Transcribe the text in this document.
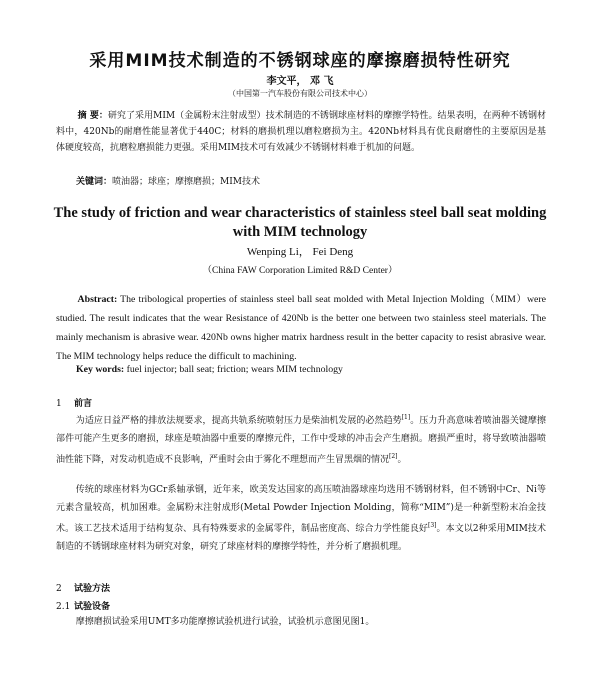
采用MIM技术制造的不锈钢球座的摩擦磨损特性研究
李文平， 邓 飞
（中国第一汽车股份有限公司技术中心）
摘 要：研究了采用MIM（金属粉末注射成型）技术制造的不锈钢球座材料的摩擦学特性。结果表明，在两种不锈钢材料中，420Nb的耐磨性能显著优于440C；材料的磨损机理以磨粒磨损为主。420Nb材料具有优良耐磨性的主要原因是基体硬度较高，抗磨粒磨损能力更强。采用MIM技术可有效减少不锈钢材料难于机加的问题。
关键词：喷油器；球座；摩擦磨损；MIM技术
The study of friction and wear characteristics of stainless steel ball seat molding with MIM technology
Wenping Li， Fei Deng
（China FAW Corporation Limited R&D Center）
Abstract: The tribological properties of stainless steel ball seat molded with Metal Injection Molding（MIM）were studied. The result indicates that the wear Resistance of 420Nb is the better one between two stainless steel materials. The mainly mechanism is abrasive wear. 420Nb owns higher matrix hardness result in the better capacity to resist abrasive wear. The MIM technology helps reduce the difficult to machining.
Key words: fuel injector; ball seat; friction; wears MIM technology
1 前言
为适应日益严格的排放法规要求，提高共轨系统喷射压力是柴油机发展的必然趋势[1]。压力升高意味着喷油器关键摩擦部件可能产生更多的磨损，球座是喷油器中重要的摩擦元件，工作中受球的冲击会产生磨损。磨损严重时，将导致喷油器喷油性能下降，对发动机造成不良影响，严重时会由于雾化不理想而产生冒黑烟的情况[2]。
传统的球座材料为GCr系轴承钢，近年来，欧美发达国家的高压喷油器球座均选用不锈钢材料，但不锈钢中Cr、Ni等元素含量较高，机加困难。金属粉末注射成形(Metal Powder Injection Molding，简称“MIM”)是一种新型粉末冶金技术。该工艺技术适用于结构复杂、具有特殊要求的金属零件，制品密度高、综合力学性能良好[3]。本文以2种采用MIM技术制造的不锈钢球座材料为研究对象，研究了球座材料的摩擦学特性，并分析了磨损机理。
2 试验方法
2.1 试验设备
摩擦磨损试验采用UMT多功能摩擦试验机进行试验，试验机示意图见图1。
